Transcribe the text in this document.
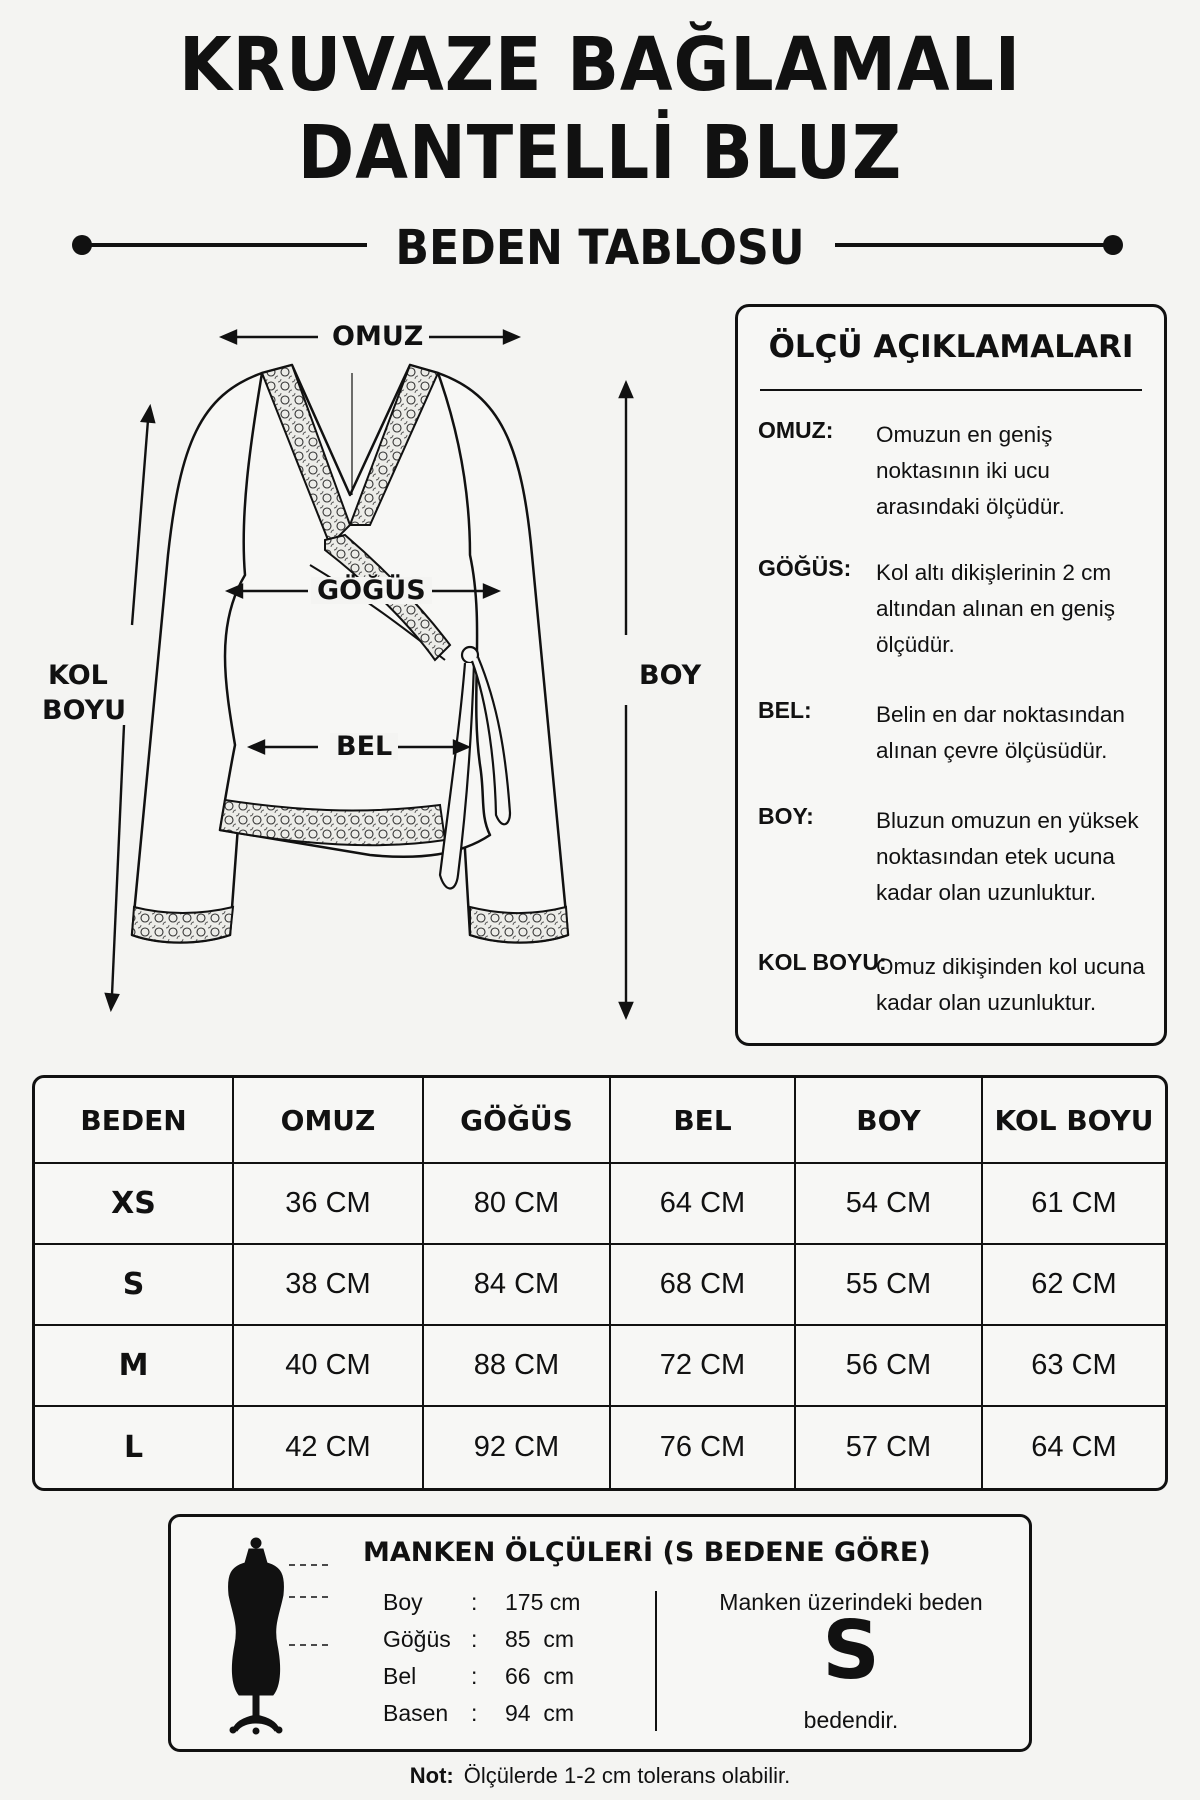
KRUVAZE BAĞLAMALI
DANTELLİ BLUZ
BEDEN TABLOSU
OMUZ
GÖĞÜS
BEL
BOY
KOL
BOYU
ÖLÇÜ AÇIKLAMALARI
OMUZ: Omuzun en geniş
noktasının iki ucu
arasındaki ölçüdür.
GÖĞÜS: Kol altı dikişlerinin 2 cm
altından alınan en geniş
ölçüdür.
BEL:	Belin en dar noktasından
alınan çevre ölçüsüdür.
BOY:	Bluzun omuzun en yüksek
noktasından etek ucuna
kadar olan uzunluktur.
KOL BOYU:
Omuz dikişinden kol ucuna
kadar olan uzunluktur.
BEDEN	OMUZ	GÖĞÜS	BEL	BOY	KOL BOYU
XS	36 CM	80 CM	64 CM	54 CM	61 CM
S	38 CM	84 CM	68 CM	55 CM	62 CM
M	40 CM	88 CM	72 CM	56 CM	63 CM
L	42 CM	92 CM	76 CM	57 CM	64 CM
MANKEN ÖLÇÜLERİ (S BEDENE GÖRE)
Boy	: 175 cm
Göğüs : 85  cm
Bel	: 66  cm
Basen : 94  cm
Manken üzerindeki beden
S
bedendir.
Not: Ölçülerde 1-2 cm tolerans olabilir.
